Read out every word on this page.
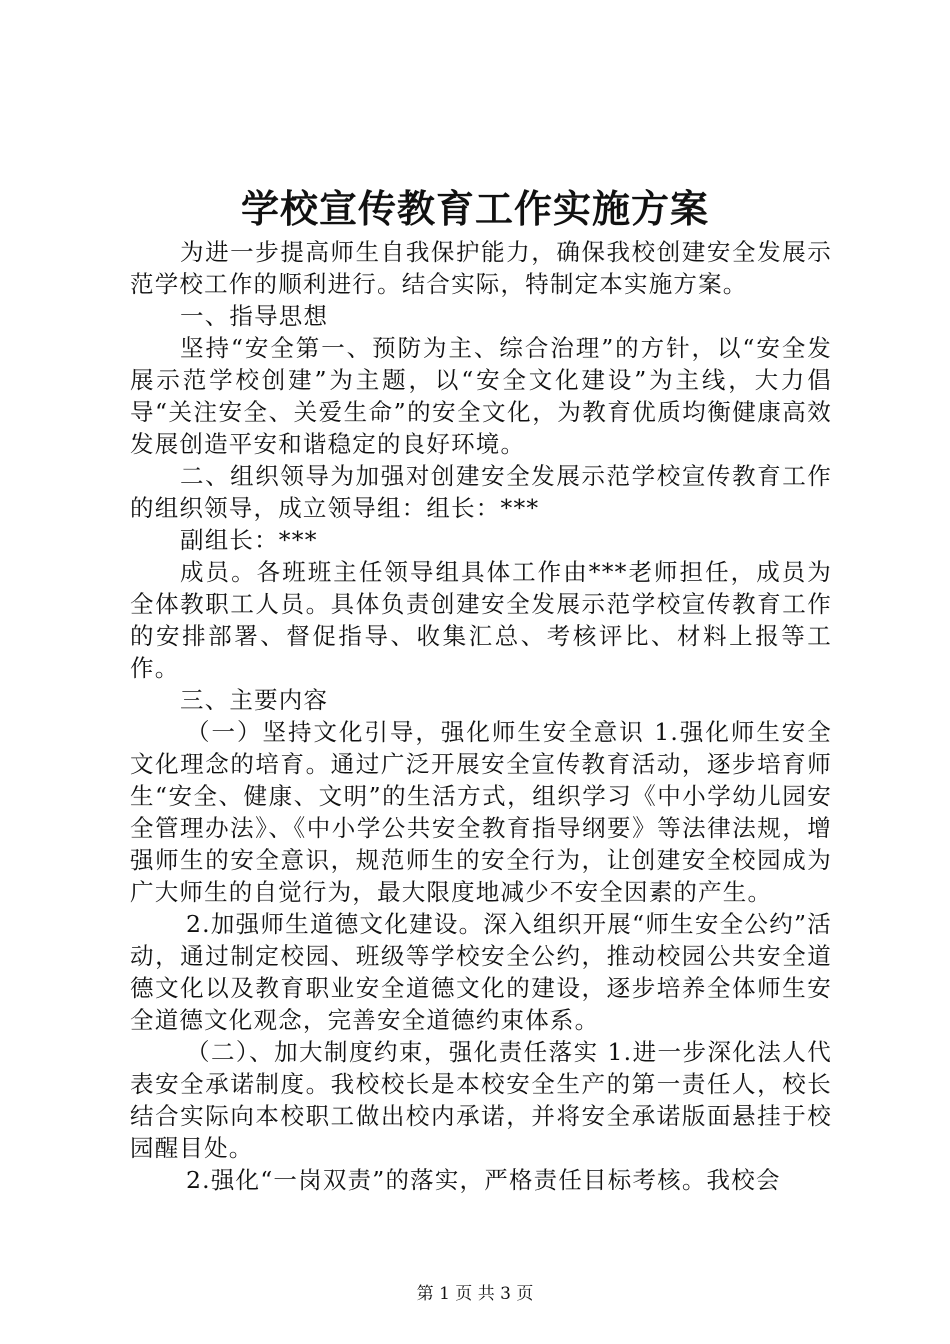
学校宣传教育工作实施方案

为进一步提高师生自我保护能力，确保我校创建安全发展示范学校工作的顺利进行。结合实际，特制定本实施方案。

一、指导思想

坚持“安全第一、预防为主、综合治理”的方针，以“安全发展示范学校创建”为主题，以“安全文化建设”为主线，大力倡导“关注安全、关爱生命”的安全文化，为教育优质均衡健康高效发展创造平安和谐稳定的良好环境。

二、组织领导为加强对创建安全发展示范学校宣传教育工作的组织领导，成立领导组：组长：***

副组长：***

成员。各班班主任领导组具体工作由***老师担任，成员为全体教职工人员。具体负责创建安全发展示范学校宣传教育工作的安排部署、督促指导、收集汇总、考核评比、材料上报等工作。

三、主要内容

（一）坚持文化引导，强化师生安全意识 1.强化师生安全文化理念的培育。通过广泛开展安全宣传教育活动，逐步培育师生“安全、健康、文明”的生活方式，组织学习《中小学幼儿园安全管理办法》、《中小学公共安全教育指导纲要》等法律法规，增强师生的安全意识，规范师生的安全行为，让创建安全校园成为广大师生的自觉行为，最大限度地减少不安全因素的产生。

2.加强师生道德文化建设。深入组织开展“师生安全公约”活动，通过制定校园、班级等学校安全公约，推动校园公共安全道德文化以及教育职业安全道德文化的建设，逐步培养全体师生安全道德文化观念，完善安全道德约束体系。

（二）、加大制度约束，强化责任落实 1.进一步深化法人代表安全承诺制度。我校校长是本校安全生产的第一责任人，校长结合实际向本校职工做出校内承诺，并将安全承诺版面悬挂于校园醒目处。

2.强化“一岗双责”的落实，严格责任目标考核。我校会

第 1 页 共 3 页
